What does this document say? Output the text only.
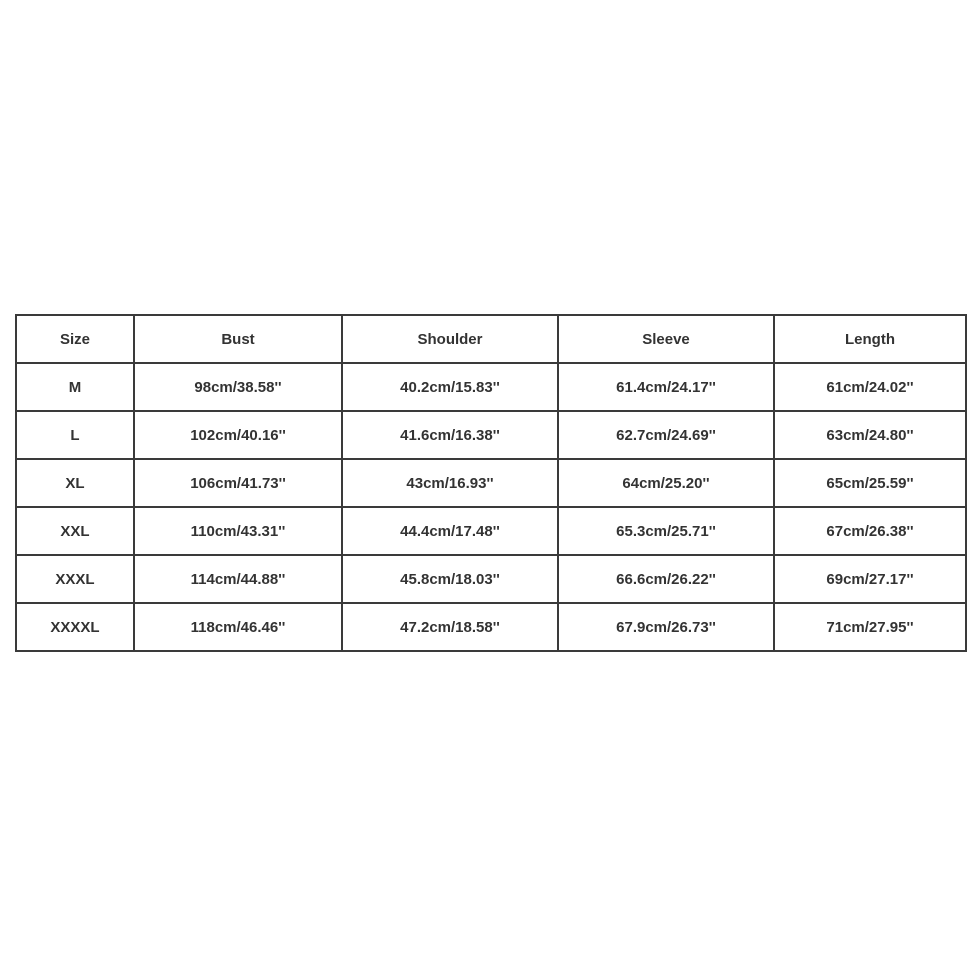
Size	Bust	Shoulder	Sleeve	Length
M	98cm/38.58''	40.2cm/15.83''	61.4cm/24.17''	61cm/24.02''
L	102cm/40.16''	41.6cm/16.38''	62.7cm/24.69''	63cm/24.80''
XL	106cm/41.73''	43cm/16.93''	64cm/25.20''	65cm/25.59''
XXL	110cm/43.31''	44.4cm/17.48''	65.3cm/25.71''	67cm/26.38''
XXXL	114cm/44.88''	45.8cm/18.03''	66.6cm/26.22''	69cm/27.17''
XXXXL	118cm/46.46''	47.2cm/18.58''	67.9cm/26.73''	71cm/27.95''
